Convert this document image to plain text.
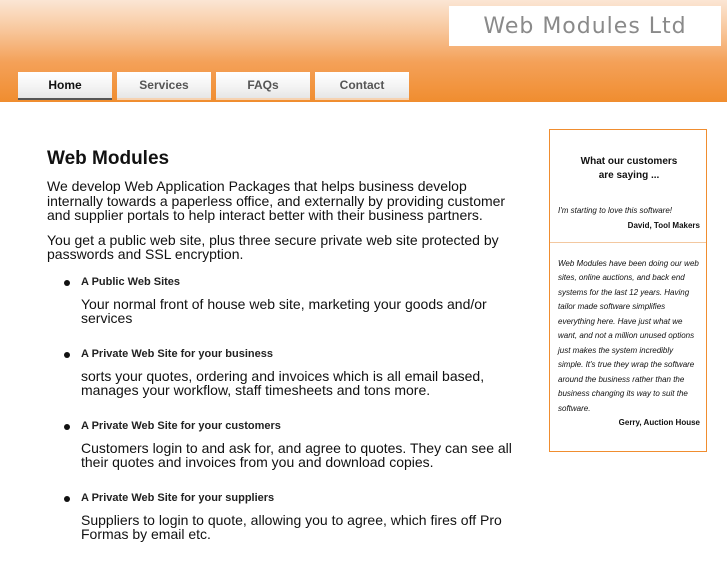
Web Modules Ltd
Home	Services	FAQs	Contact
Web Modules

We develop Web Application Packages that helps business develop internally towards a paperless office, and externally by providing customer and supplier portals to help interact better with their business partners.

You get a public web site, plus three secure private web site protected by passwords and SSL encryption.

A Public Web Sites
Your normal front of house web site, marketing your goods and/or services
A Private Web Site for your business
sorts your quotes, ordering and invoices which is all email based, manages your workflow, staff timesheets and tons more.
A Private Web Site for your customers
Customers login to and ask for, and agree to quotes. They can see all their quotes and invoices from you and download copies.
A Private Web Site for your suppliers
Suppliers to login to quote, allowing you to agree, which fires off Pro Formas by email etc.
What our customers
are saying ...
I'm starting to love this software!
David, Tool Makers
Web Modules have been doing our web sites, online auctions, and back end systems for the last 12 years. Having tailor made software simplifies everything here. Have just what we want, and not a million unused options just makes the system incredibly simple. It's true they wrap the software around the business rather than the business changing its way to suit the software.
Gerry, Auction House
